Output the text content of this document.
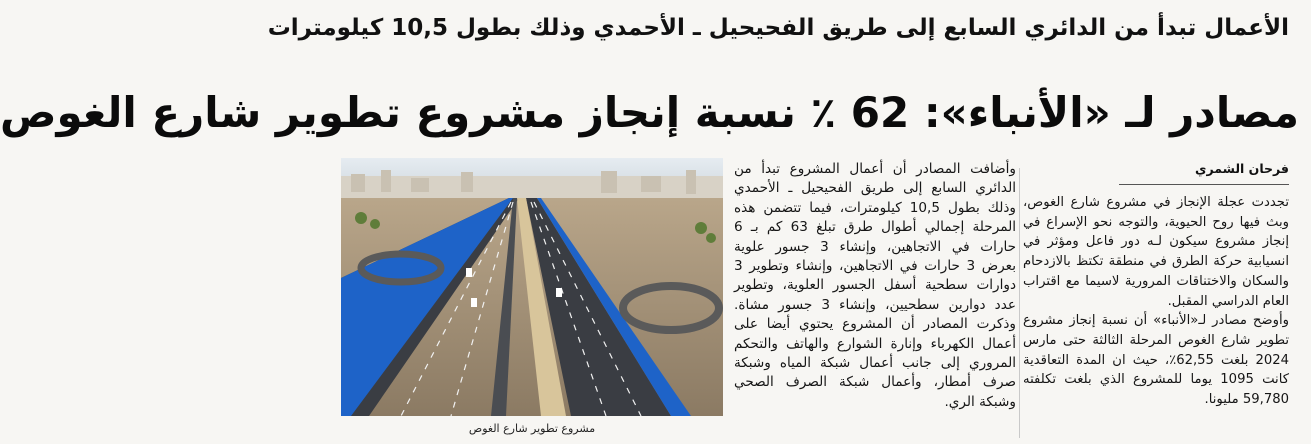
الأعمال تبدأ من الدائري السابع إلى طريق الفحيحيل ـ الأحمدي وذلك بطول 10,5 كيلومترات
مصادر لـ «الأنباء»: 62 ٪ نسبة إنجاز مشروع تطوير شارع الغوص
فرحان الشمري

تجددت عجلة الإنجاز في مشروع شارع الغوص، وبث فيها روح الحيوية، والتوجه نحو الإسراع في إنجاز مشروع سيكون لـه دور فاعل ومؤثر في انسيابية حركة الطرق في منطقة تكتظ بالازدحام والسكان والاختناقات المرورية لاسيما مع اقتراب العام الدراسي المقبل.

وأوضح مصادر لـ«الأنباء» أن نسبة إنجاز مشروع تطوير شارع الغوص المرحلة الثالثة حتى مارس 2024 بلغت 62,55٪، حيث ان المدة التعاقدية كانت 1095 يوما للمشروع الذي بلغت تكلفته 59,780 مليونا.

وأضافت المصادر أن أعمال المشروع تبدأ من الدائري السابع إلى طريق الفحيحيل ـ الأحمدي وذلك بطول 10,5 كيلومترات، فيما تتضمن هذه المرحلة إجمالي أطوال طرق تبلغ 63 كم بـ 6 حارات في الاتجاهين، وإنشاء 3 جسور علوية بعرض 3 حارات في الاتجاهين، وإنشاء وتطوير 3 دوارات سطحية أسفل الجسور العلوية، وتطوير عدد دوارين سطحيين، وإنشاء 3 جسور مشاة. وذكرت المصادر أن المشروع يحتوي أيضا على أعمال الكهرباء وإنارة الشوارع والهاتف والتحكم المروري إلى جانب أعمال شبكة المياه وشبكة صرف أمطار، وأعمال شبكة الصرف الصحي وشبكة الري.

مشروع تطوير شارع الغوص
